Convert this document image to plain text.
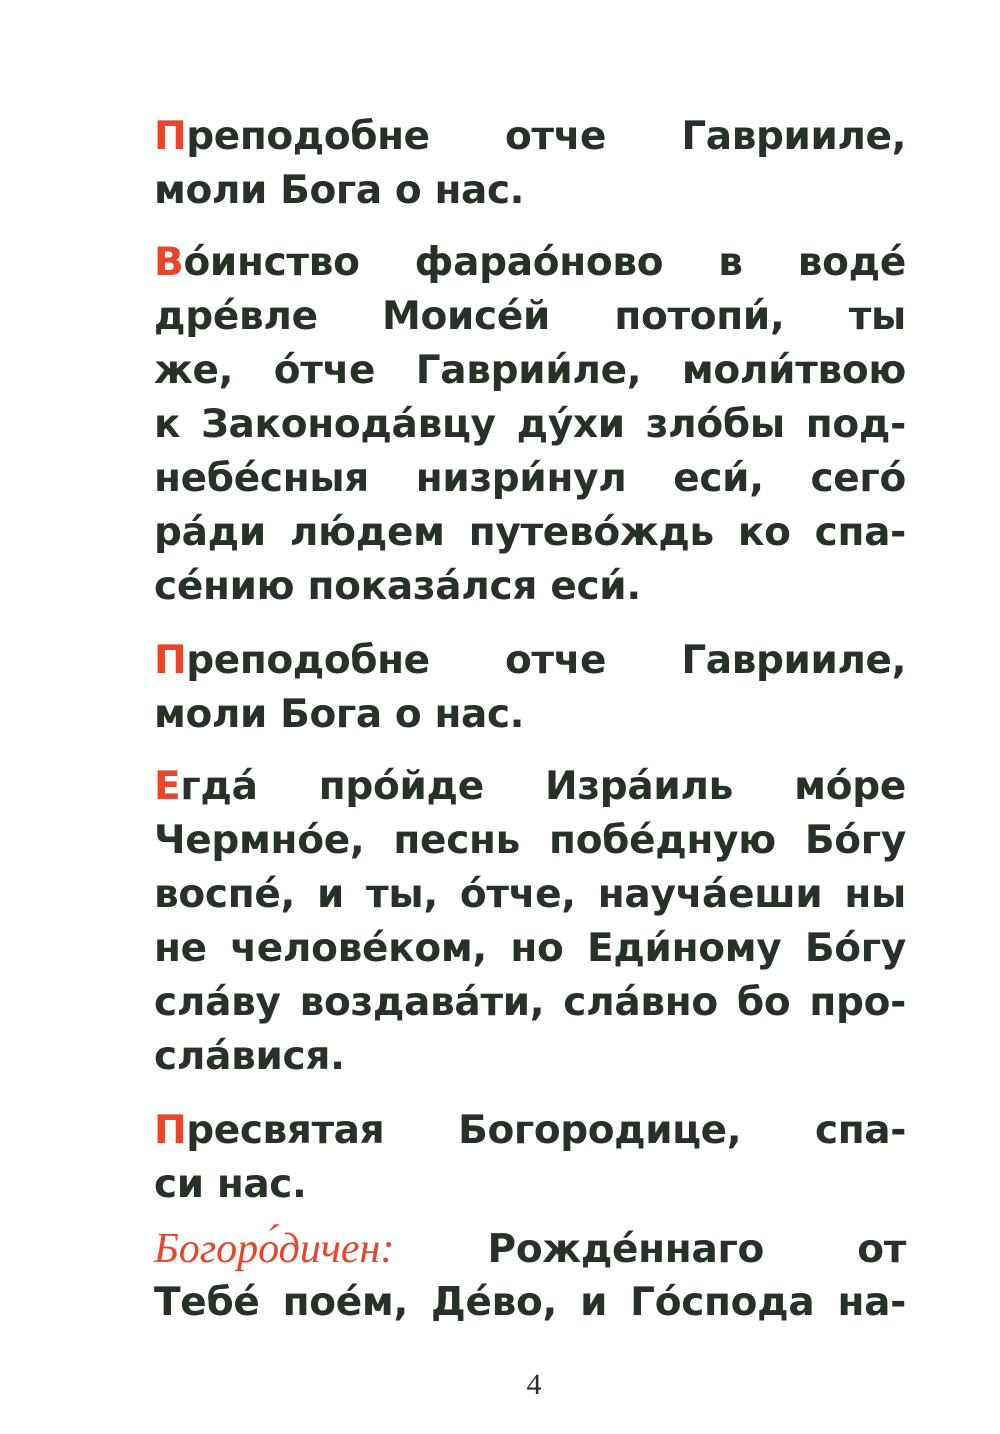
Преподобне отче Гаврииле,
моли Бога о нас.
Во́инство фарао́ново в водé
дрéвле Моисéй потопи́, ты
же, о́тче Гаврии́ле, моли́твою
к Законода́вцу ду́хи зло́бы под-
небéсныя низри́нул еси́, сего́
ра́ди лю́дем путево́ждь ко спа-
сéнию показа́лся еси́.
Преподобне отче Гаврииле,
моли Бога о нас.
Егда́ про́йде Изра́иль мо́ре
Чермно́е, песнь побéдную Бо́гу
воспé, и ты, о́тче, науча́еши ны
не человéком, но Еди́ному Бо́гу
сла́ву воздава́ти, сла́вно бо про-
сла́вися.
Пресвятая Богородице, спа-
си нас.
Богоро́дичен: Рождéннаго от
Тебé поéм, Дéво, и Го́спода на-
4
